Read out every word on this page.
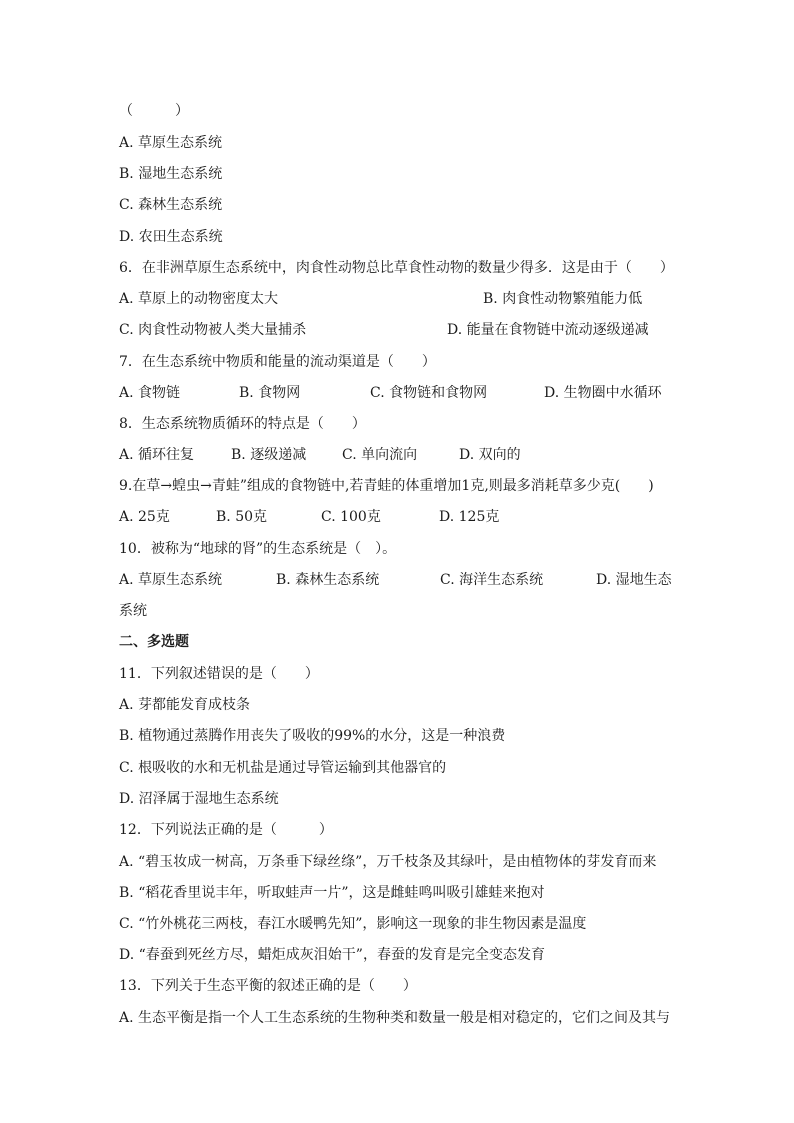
（　　　）
A. 草原生态系统
B. 湿地生态系统
C. 森林生态系统
D. 农田生态系统
6．在非洲草原生态系统中，肉食性动物总比草食性动物的数量少得多．这是由于（　　）
A. 草原上的动物密度太大	B. 肉食性动物繁殖能力低
C. 肉食性动物被人类大量捕杀	D. 能量在食物链中流动逐级递减
7．在生态系统中物质和能量的流动渠道是（　　）
A. 食物链	B. 食物网	C. 食物链和食物网	D. 生物圈中水循环
8．生态系统物质循环的特点是（　　）
A. 循环往复	B. 逐级递减	C. 单向流向	D. 双向的
9.在草→蝗虫→青蛙”组成的食物链中,若青蛙的体重增加1克,则最多消耗草多少克(　　)
A. 25克	B. 50克	C. 100克	D. 125克
10．被称为“地球的肾”的生态系统是（　）。
A. 草原生态系统	B. 森林生态系统	C. 海洋生态系统	D. 湿地生态
系统
二、多选题
11．下列叙述错误的是（　　）
A. 芽都能发育成枝条
B. 植物通过蒸腾作用丧失了吸收的99%的水分，这是一种浪费
C. 根吸收的水和无机盐是通过导管运输到其他器官的
D. 沼泽属于湿地生态系统
12．下列说法正确的是（　　　）
A. “碧玉妆成一树高，万条垂下绿丝绦”，万千枝条及其绿叶，是由植物体的芽发育而来
B. “稻花香里说丰年，听取蛙声一片”，这是雌蛙鸣叫吸引雄蛙来抱对
C. “竹外桃花三两枝，春江水暖鸭先知”，影响这一现象的非生物因素是温度
D. “春蚕到死丝方尽，蜡炬成灰泪始干”，春蚕的发育是完全变态发育
13．下列关于生态平衡的叙述正确的是（　　）
A. 生态平衡是指一个人工生态系统的生物种类和数量一般是相对稳定的，它们之间及其与
